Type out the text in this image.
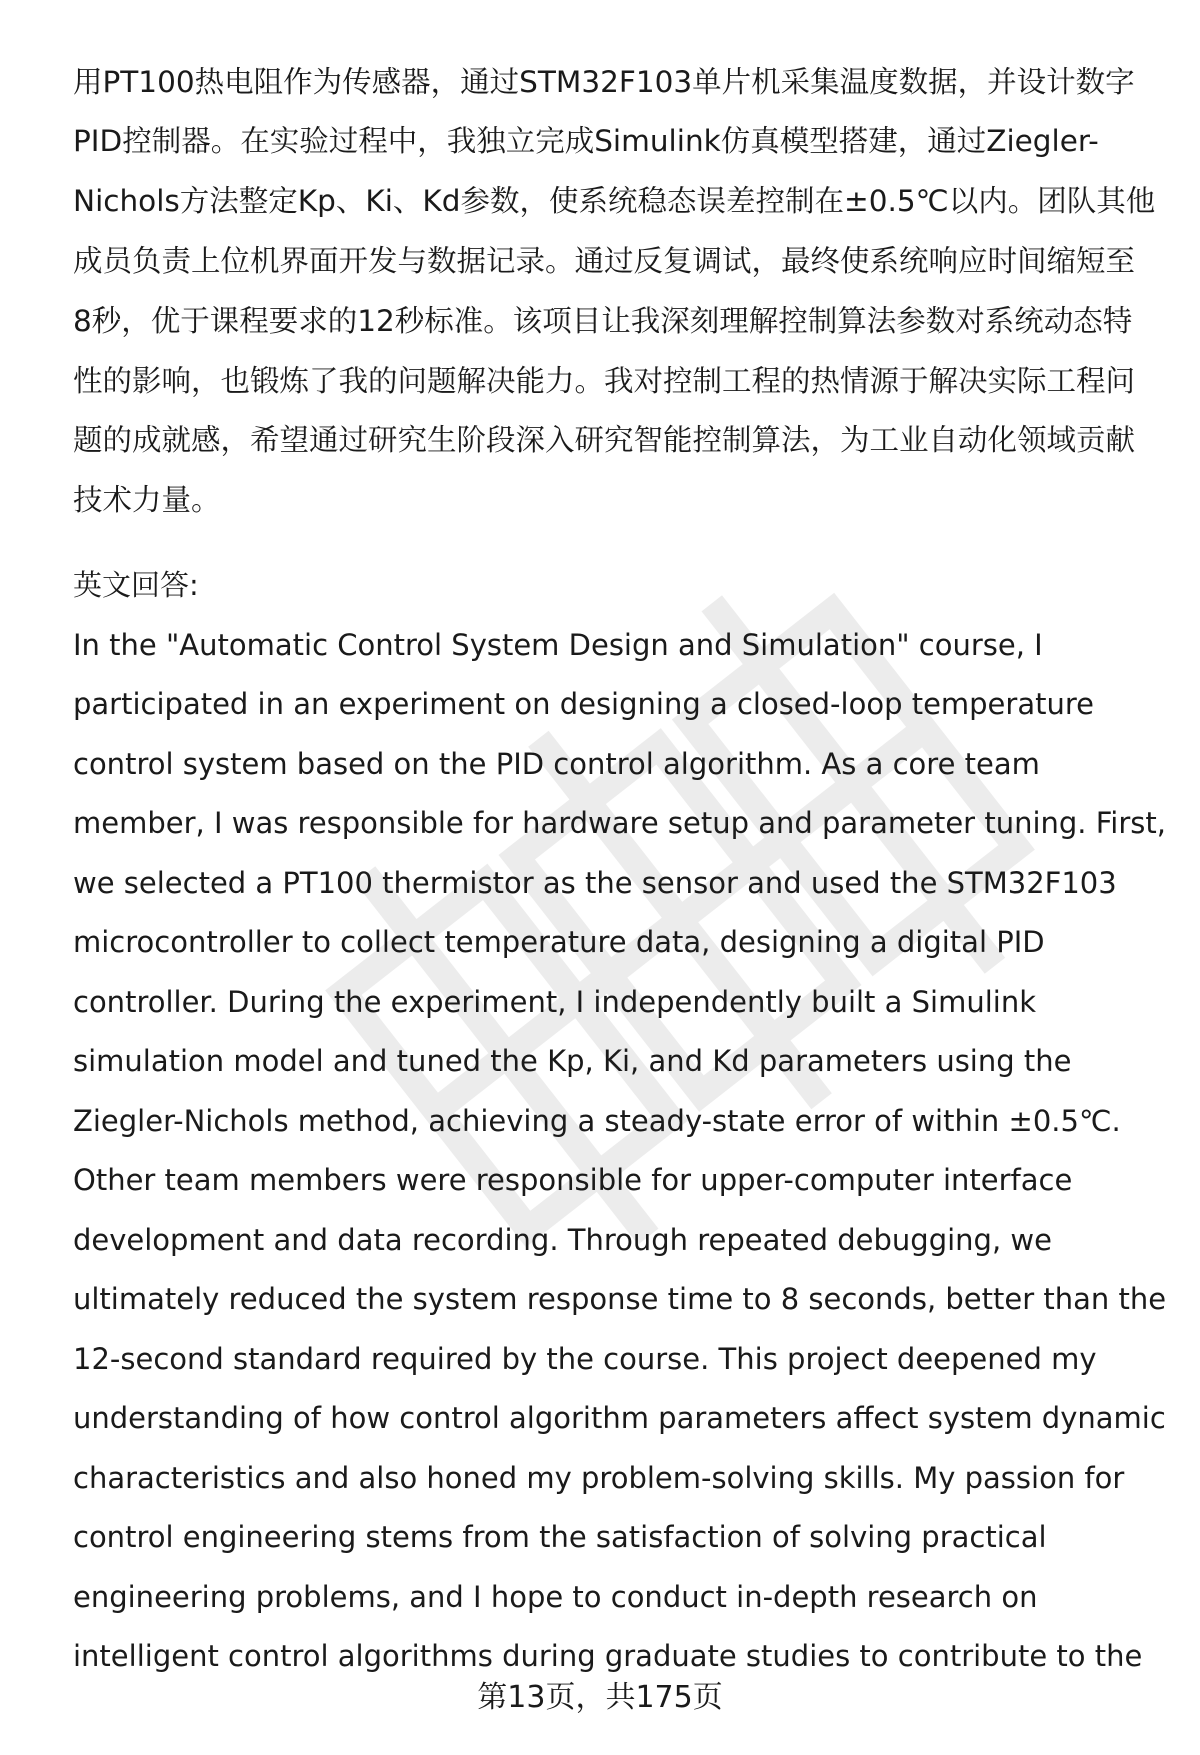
用PT100热电阻作为传感器，通过STM32F103单片机采集温度数据，并设计数字
PID控制器。在实验过程中，我独立完成Simulink仿真模型搭建，通过Ziegler-
Nichols方法整定Kp、Ki、Kd参数，使系统稳态误差控制在±0.5℃以内。团队其他
成员负责上位机界面开发与数据记录。通过反复调试，最终使系统响应时间缩短至
8秒，优于课程要求的12秒标准。该项目让我深刻理解控制算法参数对系统动态特
性的影响，也锻炼了我的问题解决能力。我对控制工程的热情源于解决实际工程问
题的成就感，希望通过研究生阶段深入研究智能控制算法，为工业自动化领域贡献
技术力量。
英文回答:
In the "Automatic Control System Design and Simulation" course, I
participated in an experiment on designing a closed-loop temperature
control system based on the PID control algorithm. As a core team
member, I was responsible for hardware setup and parameter tuning. First,
we selected a PT100 thermistor as the sensor and used the STM32F103
microcontroller to collect temperature data, designing a digital PID
controller. During the experiment, I independently built a Simulink
simulation model and tuned the Kp, Ki, and Kd parameters using the
Ziegler-Nichols method, achieving a steady-state error of within ±0.5℃.
Other team members were responsible for upper-computer interface
development and data recording. Through repeated debugging, we
ultimately reduced the system response time to 8 seconds, better than the
12-second standard required by the course. This project deepened my
understanding of how control algorithm parameters affect system dynamic
characteristics and also honed my problem-solving skills. My passion for
control engineering stems from the satisfaction of solving practical
engineering problems, and I hope to conduct in-depth research on
intelligent control algorithms during graduate studies to contribute to the
第13页，共175页
